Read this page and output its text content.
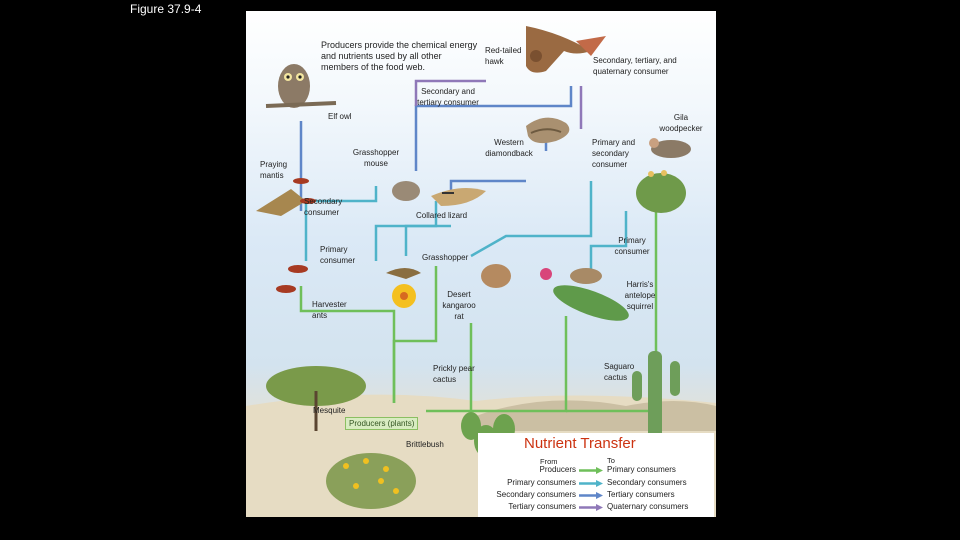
Figure 37.9-4
Producers provide the chemical energy and nutrients used by all other members of the food web.
Red-tailed hawk	Secondary, tertiary, and quaternary consumer
Secondary and tertiary consumer
Elf owl	Gila woodpecker
Western diamondback
Primary and secondary consumer
Grasshopper mouse
Praying mantis
Secondary consumer	Collared lizard
Primary consumer
Primary consumer	Grasshopper
Desert kangaroo rat
Harris's antelope squirrel
Harvester ants
Saguaro cactus
Prickly pear cactus
Mesquite
Producers (plants)
Brittlebush	Nutrient Transfer
From	To
Producers	Primary consumers
Primary consumers	Secondary consumers
Secondary consumers	Tertiary consumers
Tertiary consumers	Quaternary consumers
